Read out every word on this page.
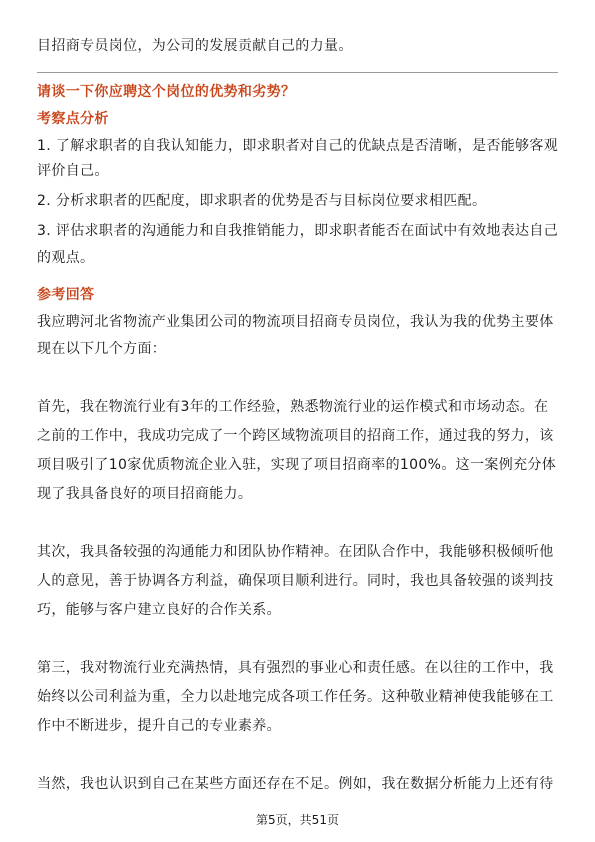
目招商专员岗位，为公司的发展贡献自己的力量。
请谈一下你应聘这个岗位的优势和劣势？
考察点分析
1. 了解求职者的自我认知能力，即求职者对自己的优缺点是否清晰，是否能够客观
评价自己。
2. 分析求职者的匹配度，即求职者的优势是否与目标岗位要求相匹配。
3. 评估求职者的沟通能力和自我推销能力，即求职者能否在面试中有效地表达自己
的观点。
参考回答
我应聘河北省物流产业集团公司的物流项目招商专员岗位，我认为我的优势主要体
现在以下几个方面：
首先，我在物流行业有3年的工作经验，熟悉物流行业的运作模式和市场动态。在
之前的工作中，我成功完成了一个跨区域物流项目的招商工作，通过我的努力，该
项目吸引了10家优质物流企业入驻，实现了项目招商率的100%。这一案例充分体
现了我具备良好的项目招商能力。
其次，我具备较强的沟通能力和团队协作精神。在团队合作中，我能够积极倾听他
人的意见，善于协调各方利益，确保项目顺利进行。同时，我也具备较强的谈判技
巧，能够与客户建立良好的合作关系。
第三，我对物流行业充满热情，具有强烈的事业心和责任感。在以往的工作中，我
始终以公司利益为重，全力以赴地完成各项工作任务。这种敬业精神使我能够在工
作中不断进步，提升自己的专业素养。
当然，我也认识到自己在某些方面还存在不足。例如，我在数据分析能力上还有待
第5页，共51页
